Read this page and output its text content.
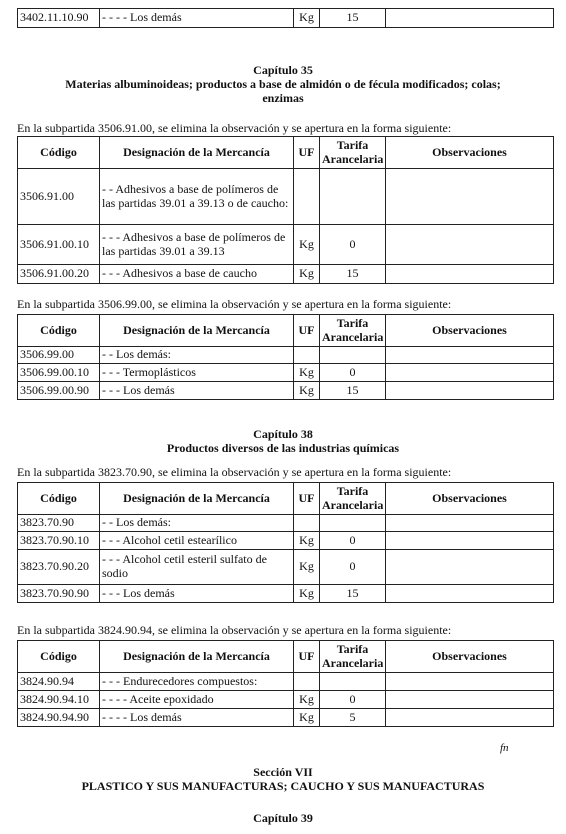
3402.11.10.90	- - - - Los demás	Kg	15	
Capítulo 35
Materias albuminoideas; productos a base de almidón o de fécula modificados; colas; enzimas
En la subpartida 3506.91.00, se elimina la observación y se apertura en la forma siguiente:
Código	Designación de la Mercancía	UF	Tarifa Arancelaria	Observaciones
3506.91.00	- - Adhesivos a base de polímeros de las partidas 39.01 a 39.13 o de caucho:			
3506.91.00.10	- - - Adhesivos a base de polímeros de las partidas 39.01 a 39.13	Kg	0	
3506.91.00.20	- - - Adhesivos a base de caucho	Kg	15	
En la subpartida 3506.99.00, se elimina la observación y se apertura en la forma siguiente:
Código	Designación de la Mercancía	UF	Tarifa Arancelaria	Observaciones
3506.99.00	- - Los demás:			
3506.99.00.10	- - - Termoplásticos	Kg	0	
3506.99.00.90	- - - Los demás	Kg	15	
Capítulo 38
Productos diversos de las industrias químicas
En la subpartida 3823.70.90, se elimina la observación y se apertura en la forma siguiente:
Código	Designación de la Mercancía	UF	Tarifa Arancelaria	Observaciones
3823.70.90	- - Los demás:			
3823.70.90.10	- - - Alcohol cetil estearílico	Kg	0	
3823.70.90.20	- - - Alcohol cetil esteril sulfato de sodio	Kg	0	
3823.70.90.90	- - - Los demás	Kg	15	
En la subpartida 3824.90.94, se elimina la observación y se apertura en la forma siguiente:
Código	Designación de la Mercancía	UF	Tarifa Arancelaria	Observaciones
3824.90.94	- - - Endurecedores compuestos:			
3824.90.94.10	- - - - Aceite epoxidado	Kg	0	
3824.90.94.90	- - - - Los demás	Kg	5	
fn
Sección VII
PLASTICO Y SUS MANUFACTURAS; CAUCHO Y SUS MANUFACTURAS
Capítulo 39
